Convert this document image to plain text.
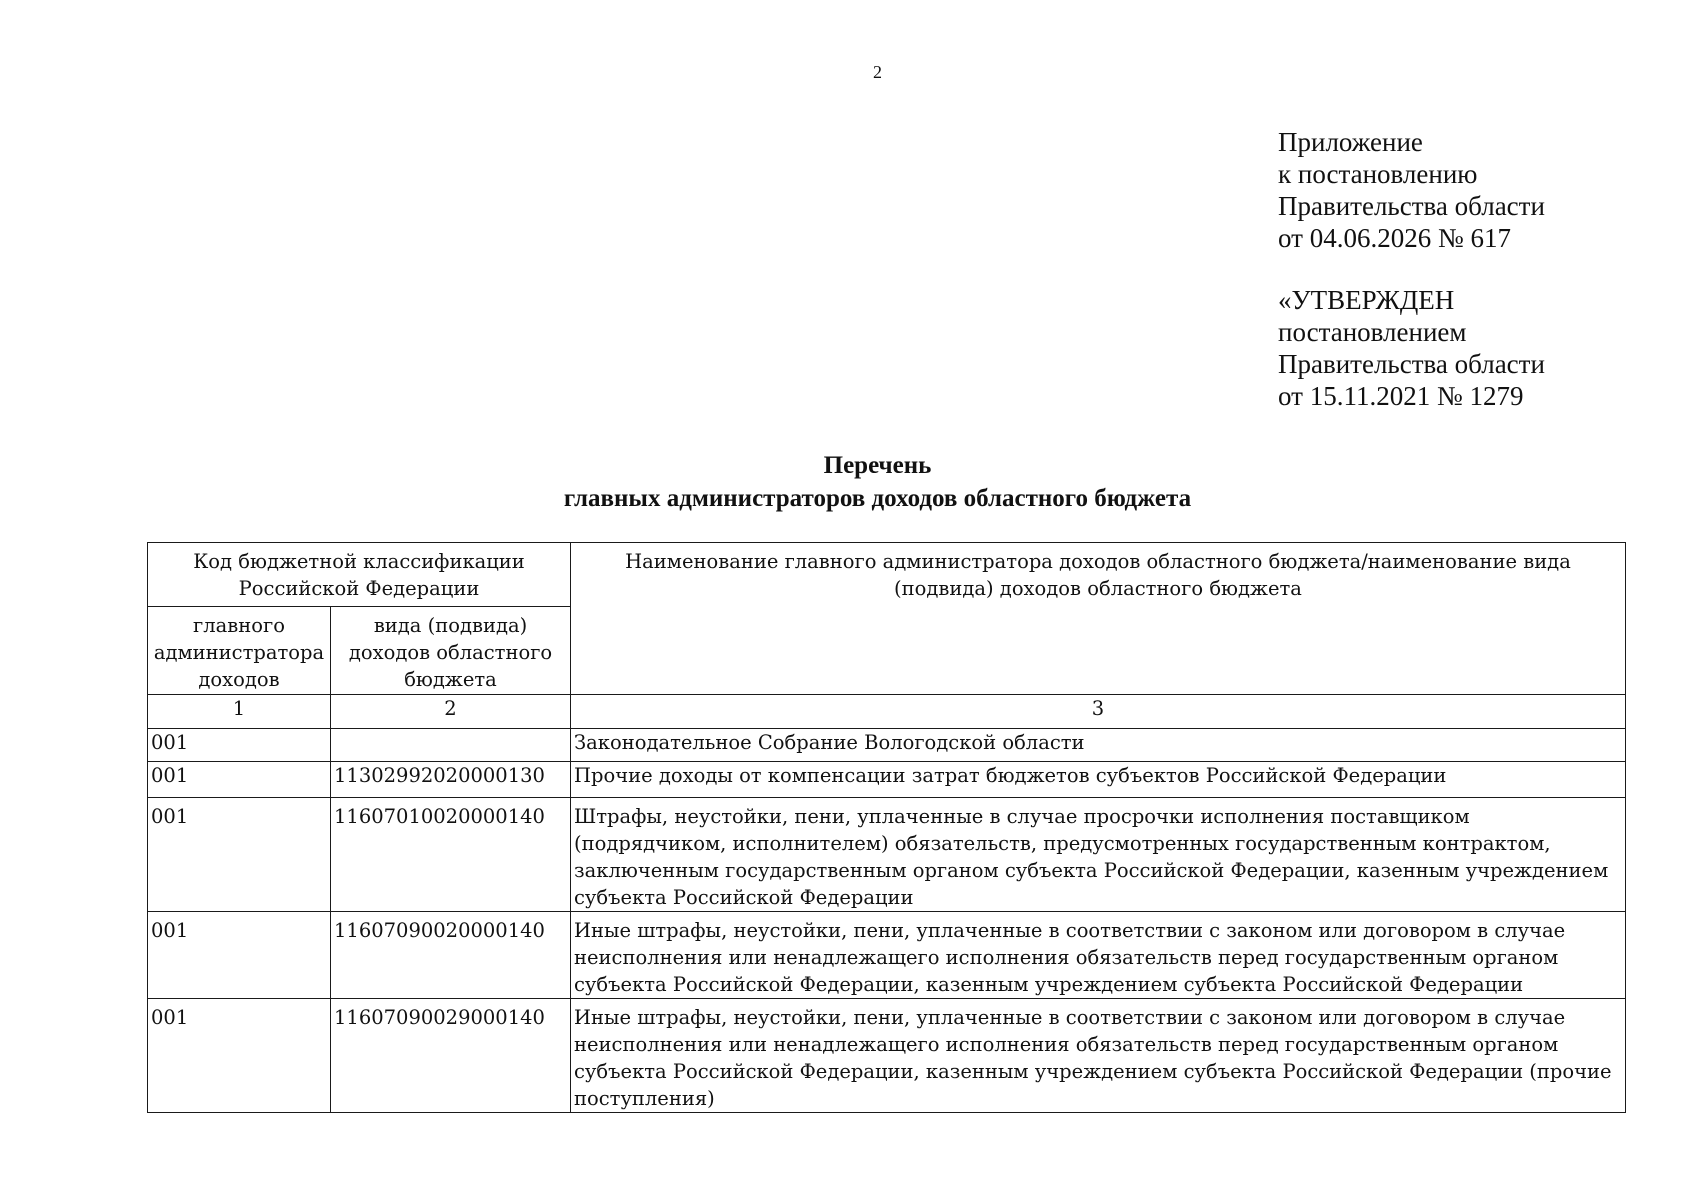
2
Приложение
к постановлению
Правительства области
от 04.06.2026 № 617
«УТВЕРЖДЕН
постановлением
Правительства области
от 15.11.2021 № 1279
Перечень
главных администраторов доходов областного бюджета
Код бюджетной классификации Российской Федерации		Наименование главного администратора доходов областного бюджета/наименование вида (подвида) доходов областного бюджета
главного администратора доходов	вида (подвида) доходов областного бюджета	
1	2	3
001		Законодательное Собрание Вологодской области
001	11302992020000130	Прочие доходы от компенсации затрат бюджетов субъектов Российской Федерации
001	11607010020000140	Штрафы, неустойки, пени, уплаченные в случае просрочки исполнения поставщиком (подрядчиком, исполнителем) обязательств, предусмотренных государственным контрактом, заключенным государственным органом субъекта Российской Федерации, казенным учреждением субъекта Российской Федерации
001	11607090020000140	Иные штрафы, неустойки, пени, уплаченные в соответствии с законом или договором в случае неисполнения или ненадлежащего исполнения обязательств перед государственным органом субъекта Российской Федерации, казенным учреждением субъекта Российской Федерации
001	11607090029000140	Иные штрафы, неустойки, пени, уплаченные в соответствии с законом или договором в случае неисполнения или ненадлежащего исполнения обязательств перед государственным органом субъекта Российской Федерации, казенным учреждением субъекта Российской Федерации (прочие поступления)
